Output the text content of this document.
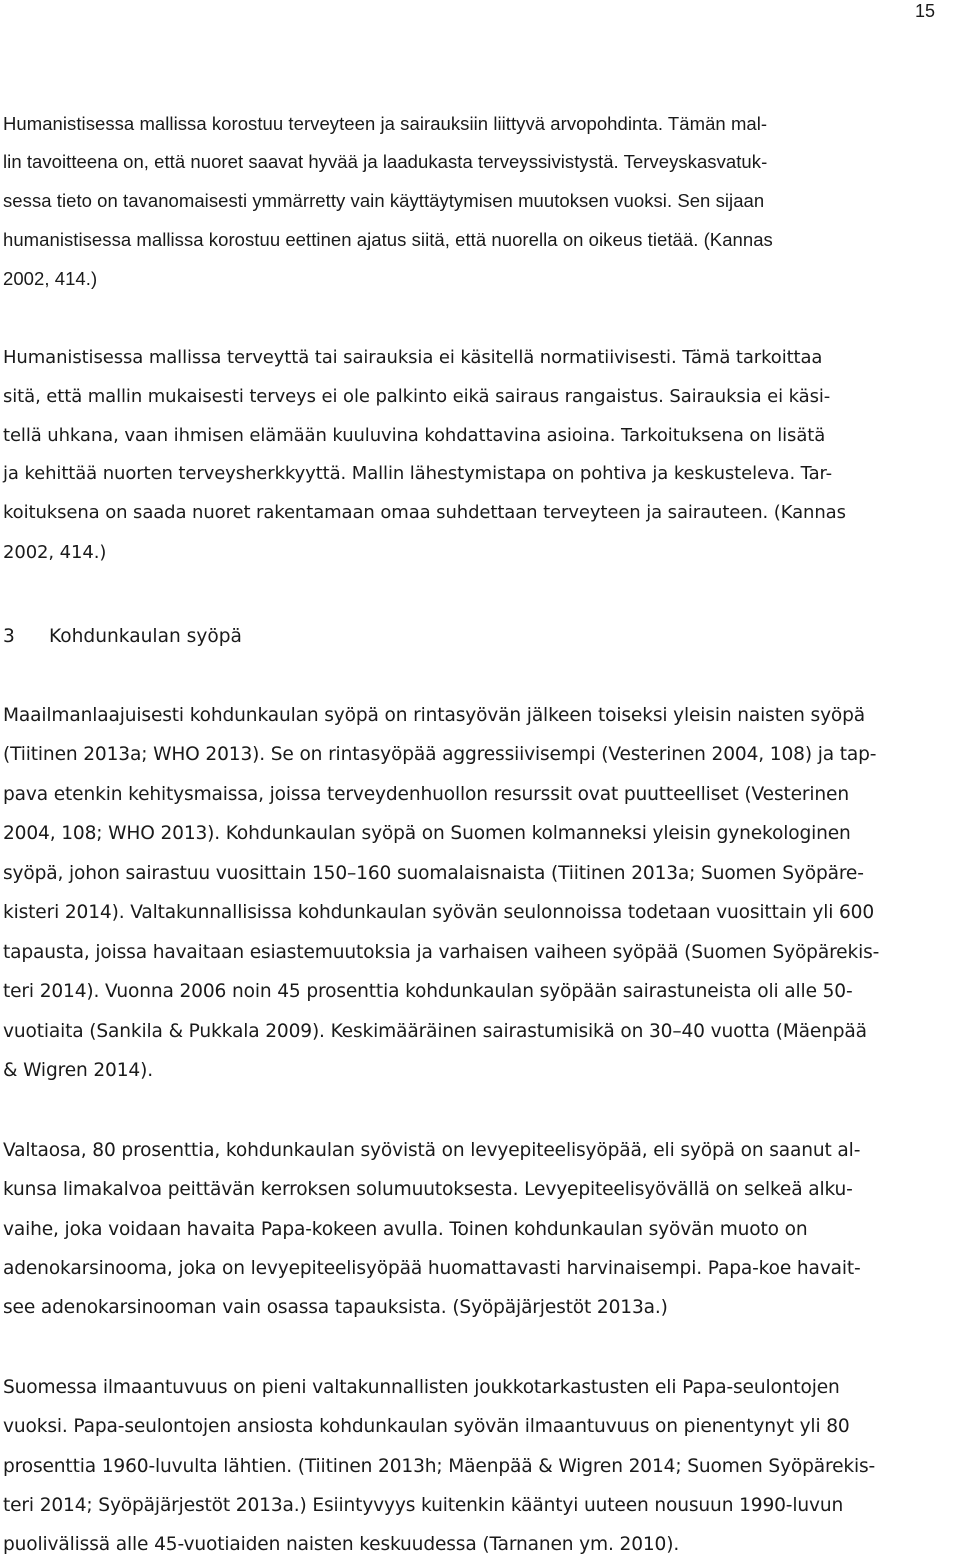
15
Humanistisessa mallissa korostuu terveyteen ja sairauksiin liittyvä arvopohdinta. Tämän mal-
lin tavoitteena on, että nuoret saavat hyvää ja laadukasta terveyssivistystä. Terveyskasvatuk-
sessa tieto on tavanomaisesti ymmärretty vain käyttäytymisen muutoksen vuoksi. Sen sijaan
humanistisessa mallissa korostuu eettinen ajatus siitä, että nuorella on oikeus tietää. (Kannas
2002, 414.)
Humanistisessa mallissa terveyttä tai sairauksia ei käsitellä normatiivisesti. Tämä tarkoittaa
sitä, että mallin mukaisesti terveys ei ole palkinto eikä sairaus rangaistus. Sairauksia ei käsi-
tellä uhkana, vaan ihmisen elämään kuuluvina kohdattavina asioina. Tarkoituksena on lisätä
ja kehittää nuorten terveysherkkyyttä. Mallin lähestymistapa on pohtiva ja keskusteleva. Tar-
koituksena on saada nuoret rakentamaan omaa suhdettaan terveyteen ja sairauteen. (Kannas
2002, 414.)
3 Kohdunkaulan syöpä
Maailmanlaajuisesti kohdunkaulan syöpä on rintasyövän jälkeen toiseksi yleisin naisten syöpä
(Tiitinen 2013a; WHO 2013). Se on rintasyöpää aggressiivisempi (Vesterinen 2004, 108) ja tap-
pava etenkin kehitysmaissa, joissa terveydenhuollon resurssit ovat puutteelliset (Vesterinen
2004, 108; WHO 2013). Kohdunkaulan syöpä on Suomen kolmanneksi yleisin gynekologinen
syöpä, johon sairastuu vuosittain 150–160 suomalaisnaista (Tiitinen 2013a; Suomen Syöpäre-
kisteri 2014). Valtakunnallisissa kohdunkaulan syövän seulonnoissa todetaan vuosittain yli 600
tapausta, joissa havaitaan esiastemuutoksia ja varhaisen vaiheen syöpää (Suomen Syöpärekis-
teri 2014). Vuonna 2006 noin 45 prosenttia kohdunkaulan syöpään sairastuneista oli alle 50-
vuotiaita (Sankila & Pukkala 2009). Keskimääräinen sairastumisikä on 30–40 vuotta (Mäenpää
& Wigren 2014).
Valtaosa, 80 prosenttia, kohdunkaulan syövistä on levyepiteelisyöpää, eli syöpä on saanut al-
kunsa limakalvoa peittävän kerroksen solumuutoksesta. Levyepiteelisyövällä on selkeä alku-
vaihe, joka voidaan havaita Papa-kokeen avulla. Toinen kohdunkaulan syövän muoto on
adenokarsinooma, joka on levyepiteelisyöpää huomattavasti harvinaisempi. Papa-koe havait-
see adenokarsinooman vain osassa tapauksista. (Syöpäjärjestöt 2013a.)
Suomessa ilmaantuvuus on pieni valtakunnallisten joukkotarkastusten eli Papa-seulontojen
vuoksi. Papa-seulontojen ansiosta kohdunkaulan syövän ilmaantuvuus on pienentynyt yli 80
prosenttia 1960-luvulta lähtien. (Tiitinen 2013h; Mäenpää & Wigren 2014; Suomen Syöpärekis-
teri 2014; Syöpäjärjestöt 2013a.) Esiintyvyys kuitenkin kääntyi uuteen nousuun 1990-luvun
puolivälissä alle 45-vuotiaiden naisten keskuudessa (Tarnanen ym. 2010).
